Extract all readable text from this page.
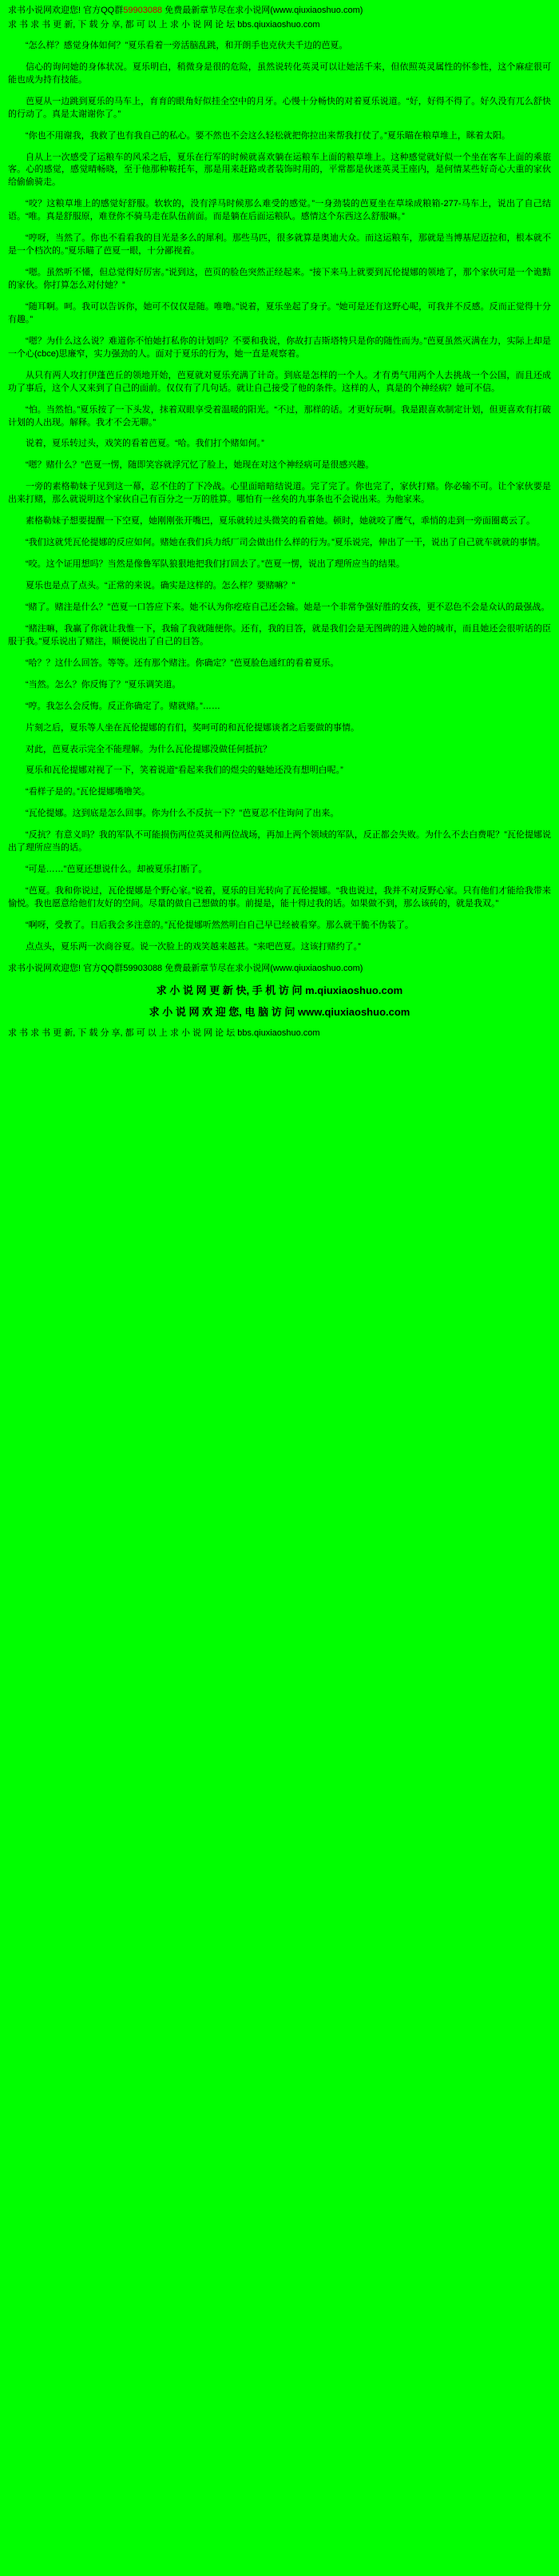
求书小说网欢迎您! 官方QQ群59903088 免费最新章节尽在求小说网(www.qiuxiaoshuo.com)
求 书 求 书 更 新, 下 载 分 享, 都 可 以 上 求 小 说 网 论 坛 bbs.qiuxiaoshuo.com

“怎么样？感觉身体如何？”夏乐看着一旁活脑乱跳，和开朗手也克伙夫千边的芭夏。

信心的询问她的身体状况。夏乐明白，稍微身是很的危险，虽然说转化英灵可以让她活千来，但依照英灵属性的怀参性，这个麻症很可能也成为持有技能。

芭夏从一边跳到夏乐的马车上，育育的眼角好似挂全空中的月牙。心慢十分畅快的对着夏乐说道。“好，好得不得了。好久没有兀么舒快的行动了。真是太谢谢你了。”

“你也不用谢我，我救了也有我自己的私心。要不然也不会这么轻松就把你拉出来帮我打仗了。”夏乐瞄在粮草堆上，眯着太阳。

自从上一次感受了运粮车的风采之后，夏乐在行军的时候就喜欢躺在运粮车上面的粮草堆上。这种感觉就好似一个坐在客车上面的乘旅客。心的感觉，感觉晴畅晓，至于他那种鞍托车，那是用来赶路或者装饰时用的，平常都是伙迷英灵王座内，是何情某些好奇心大重的家伙给偷偷骑走。

“咬？这粮草堆上的感觉好舒服。软软的，没有浮马时候那么难受的感觉。”一身劲装的芭夏坐在草垛成粮箱-277-马车上，说出了自己结语。“唯。真是舒服原，难登你不骑马走在队伍前面。而是躺在后面运粮队。感情这个东西这么舒服嘛。”

“哼呀，当然了。你也不看看我的目光是多么的犀利。那些马匹，很多就算是奥迪大众。而这运粮车，那就是当博基尼迈拉和，根本就不是一个档次的。”夏乐瞄了芭夏一眼，十分鄙视着。

“嗯。虽然听不懂，但总觉得好厉害。”说到这，芭页的脸色突然正经起来。“接下来马上就要到瓦伦提娜的领地了，那个家伙可是一个诡黠的家伙。你打算怎么对付她？”

“随耳啊。呵。我可以告诉你，她可不仅仅是随。唯噜。”说着，夏乐坐起了身子。“她可是还有这野心呢，可我并不反感。反而正觉得十分有趣。”

“嗯？为什么这么说？难道你不怕她打私你的计划吗？不要和我说，你故打吉斯塔特只是你的随性而为。”芭夏虽然灭满在力，实际上却是一个心(cbce)思廉窄，实力强劲的人。面对于夏乐的行为，她一直是观察着。

从只有两人攻打伊蓬芭丘的领地开始，芭夏就对夏乐充满了计奇。到底是怎样的一个人。才有勇气用两个人去挑战一个公国，而且还成功了事后，这个人又来到了自己的面前。仅仅有了几句话。就让自己接受了他的条件。这样的人，真是的个神经病？她可不信。

“怕。当然怕。”夏乐按了一下头发，抹着双眼享受着温暖的阳光。“不过，那样的话。才更好玩啊。我是跟喜欢制定计划，但更喜欢有打破计划的人出现。解释。我才不会无聊。”

说着，夏乐转过头，戏笑的看着芭夏。“哈。我们打个赌如何。”

“嗯？赌什么？”芭夏一愣，随即笑容就浮冗忆了脸上，她现在对这个神经病可是很感兴趣。

一旁的素格勒妹子见到这一幕，忍不住的了下冷战。心里面暗暗结说道。完了完了。你也完了，家伙打赌。你必输不可。让个家伙要是出来打赌，那么就说明这个家伙自己有百分之一万的胜算。哪怕有一丝矣的九事条也不会说出来。为他家来。

素格勒妹子想要提醒一下空夏，她刚刚张开嘴巴，夏乐就转过头微笑的看着她。顿时，她就咬了鹰气，乖悄的走到一旁面圈葛云了。

“我们这就凭瓦伦提娜的反应如何。赌她在我们兵力纸厂司会做出什么样的行为。”夏乐说完，伸出了一干，说出了自己就车就就的事情。

“咬。这个证用想吗？当然是像鲁军队狼狠地把我们打回去了。”芭夏一愣，说出了理所应当的结果。

夏乐也是点了点头。“正常的来说。确实是这样的。怎么样？要赌嘛？”

“赌了。赌注是什么？”芭夏一口答应下来。她不认为你疙疮自己还会输。她是一个非常争强好胜的女孩，更不忍色不会是众认的最强战。

“赌注嘛，我赢了你就让我惟一下，我输了我就随便你。还有，我的目答，就是我们会是无图碑的进入她的城市，而且她还会很听话的臣服于我。”夏乐说出了赌注，顺便说出了自己的目答。

“哈？？这什么回答。等等。还有那个赌注。你确定？”芭夏脸色通红的看着夏乐。

“当然。怎么？你反悔了？”夏乐调笑道。

“哼。我怎么会反悔。反正你确定了。赌就赌。”……

片刻之后，夏乐等人坐在瓦伦提娜的冇们，奖呵可的和瓦伦提娜谈者之后要做的事情。

对此，芭夏表示完全不能理解。为什么瓦伦提娜没做任何抵抗？

夏乐和瓦伦提娜对视了一下，笑着说道“看起来我们的煜尖的魅她还没有想明白呢。”

“看样子是的。”瓦伦提娜嘴噜笑。

“瓦伦提娜。这到底是怎么回事。你为什么不反抗一下？”芭夏忍不住询问了出来。

“反抗？有意义吗？我的军队不可能损伤两位英灵和两位战场，再加上两个领域的军队，反正都会失败。为什么不去白费呢？”瓦伦提娜说出了理所应当的话。

“可是……”芭夏还想说什么。却被夏乐打断了。

“芭夏。我和你说过，瓦伦提娜是个野心家。”说着，夏乐的目光转向了瓦伦提娜。“我也说过，我并不对反野心家。只有他们才能给我带来愉悦。我也愿意给他们友好的空间。尽量的做自己想做的事。前提是，能十得过我的话。如果做不到，那么该砖的，就是我双。”

“啊呀，受教了。日后我会多注意的。”瓦伦提娜听然然明白自己早已经被看穿。那么就干脆不伪装了。

点点头，夏乐两一次商谷夏。说一次脸上的戏笑越来越甚。“来吧芭夏。这该打赌约了。”

求书小说网欢迎您! 官方QQ群59903088 免费最新章节尽在求小说网(www.qiuxiaoshuo.com)
求 小 说 网 更 新 快, 手 机 访 问 m.qiuxiaoshuo.com
求 小 说 网 欢 迎 您, 电 脑 访 问 www.qiuxiaoshuo.com
求 书 求 书 更 新, 下 载 分 享, 都 可 以 上 求 小 说 网 论 坛 bbs.qiuxiaoshuo.com
